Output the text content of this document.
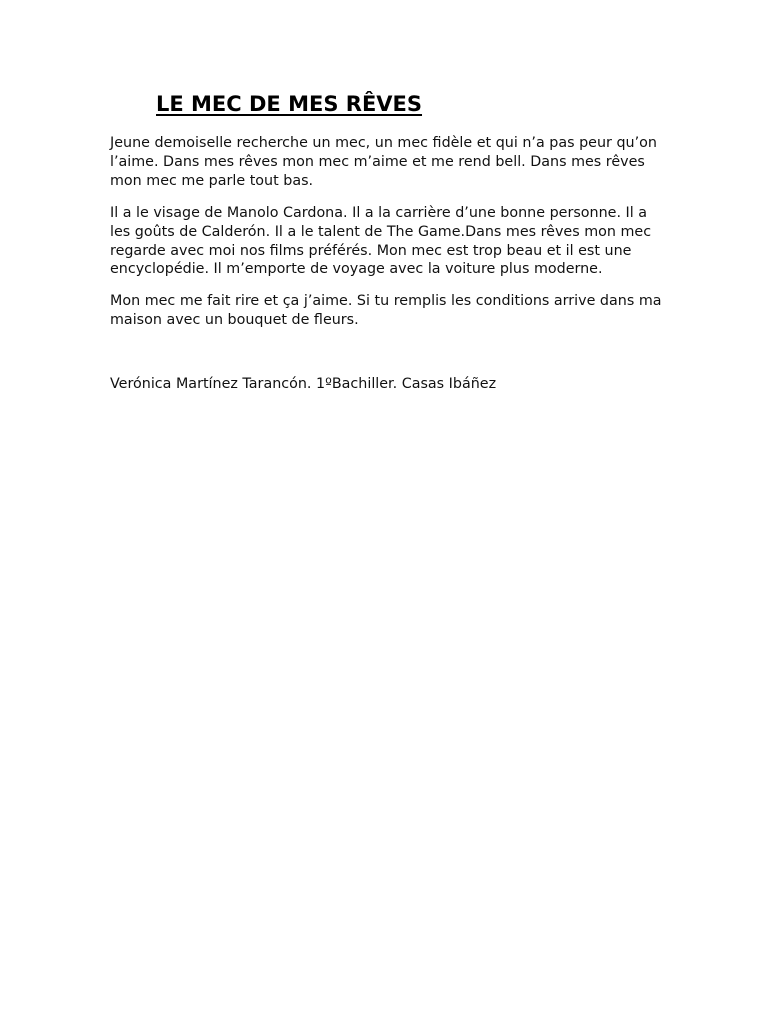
LE MEC DE MES RÊVES

Jeune demoiselle recherche un mec, un mec fidèle et qui n’a pas peur qu’on l’aime. Dans mes rêves mon mec m’aime et me rend bell. Dans mes rêves mon mec me parle tout bas.

Il a le visage de Manolo Cardona. Il a la carrière d’une bonne personne. Il a les goûts de Calderón. Il a le talent de The Game.Dans mes rêves mon mec regarde avec moi nos films préférés. Mon mec est trop beau et il est une encyclopédie. Il m’emporte de voyage avec la voiture plus moderne.

Mon mec me fait rire et ça j’aime. Si tu remplis les conditions arrive dans ma maison avec un bouquet de fleurs.

Verónica Martínez Tarancón. 1ºBachiller. Casas Ibáñez
